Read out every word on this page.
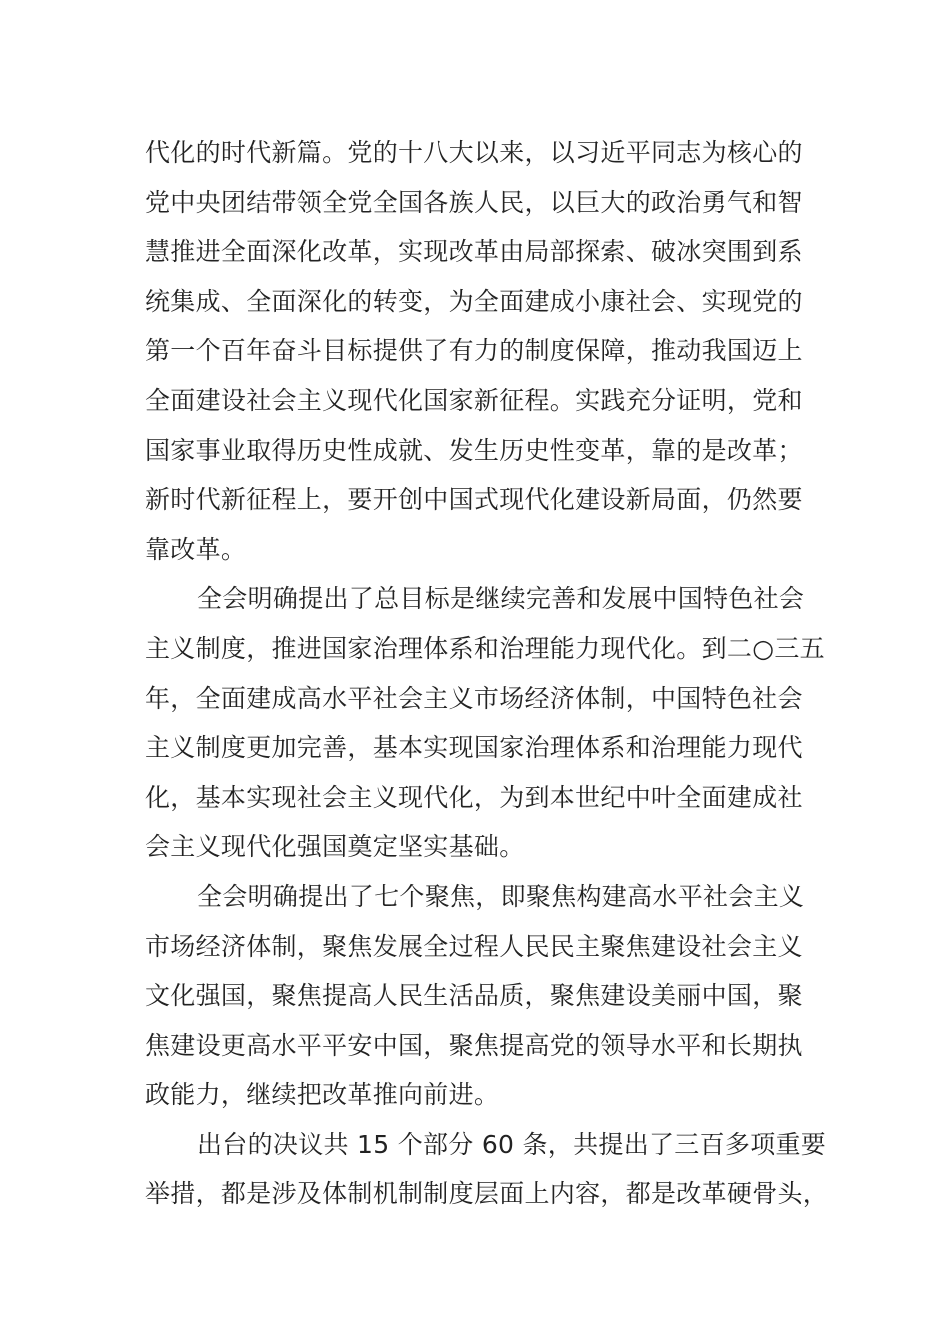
代化的时代新篇。党的十八大以来，以习近平同志为核心的
党中央团结带领全党全国各族人民，以巨大的政治勇气和智
慧推进全面深化改革，实现改革由局部探索、破冰突围到系
统集成、全面深化的转变，为全面建成小康社会、实现党的
第一个百年奋斗目标提供了有力的制度保障，推动我国迈上
全面建设社会主义现代化国家新征程。实践充分证明，党和
国家事业取得历史性成就、发生历史性变革，靠的是改革；
新时代新征程上，要开创中国式现代化建设新局面，仍然要
靠改革。
全会明确提出了总目标是继续完善和发展中国特色社会
主义制度，推进国家治理体系和治理能力现代化。到二○三五
年，全面建成高水平社会主义市场经济体制，中国特色社会
主义制度更加完善，基本实现国家治理体系和治理能力现代
化，基本实现社会主义现代化，为到本世纪中叶全面建成社
会主义现代化强国奠定坚实基础。
全会明确提出了七个聚焦，即聚焦构建高水平社会主义
市场经济体制，聚焦发展全过程人民民主聚焦建设社会主义
文化强国，聚焦提高人民生活品质，聚焦建设美丽中国，聚
焦建设更高水平平安中国，聚焦提高党的领导水平和长期执
政能力，继续把改革推向前进。
出台的决议共 15 个部分 60 条，共提出了三百多项重要
举措，都是涉及体制机制制度层面上内容，都是改革硬骨头，
